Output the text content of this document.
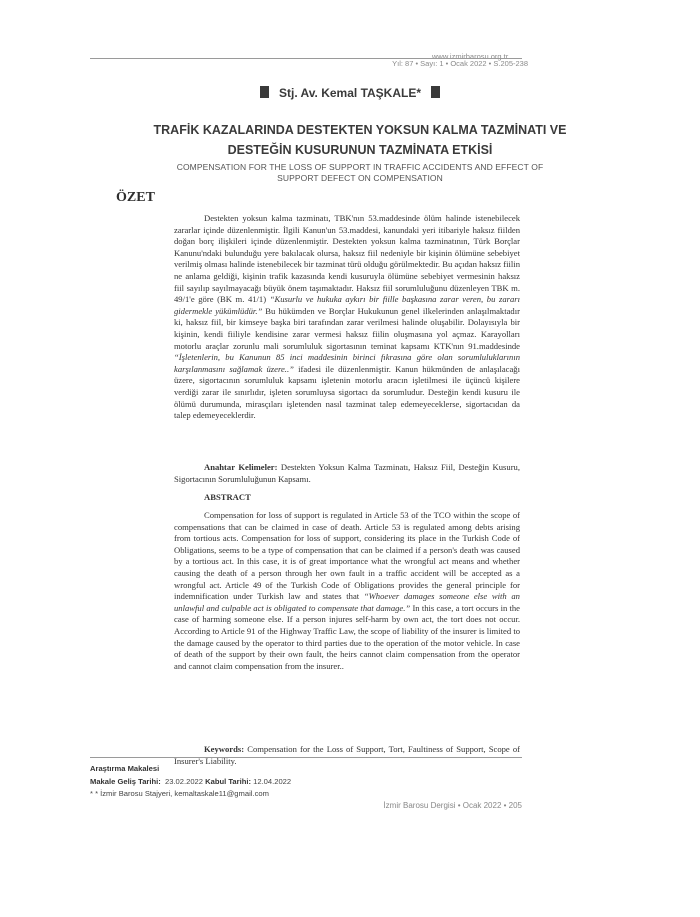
www.izmirbarosu.org.tr
Yıl: 87 • Sayı: 1 • Ocak 2022 • S.205-238
Stj. Av. Kemal TAŞKALE*
TRAFİK KAZALARINDA DESTEKTEN YOKSUN KALMA TAZMİNATI VE
DESTEĞİN KUSURUNUN TAZMİNATA ETKİSİ
COMPENSATION FOR THE LOSS OF SUPPORT IN TRAFFIC ACCIDENTS AND EFFECT OF
SUPPORT DEFECT ON COMPENSATION
ÖZET
Destekten yoksun kalma tazminatı, TBK'nın 53.maddesinde ölüm halinde istenebilecek zararlar içinde düzenlenmiştir. İlgili Kanun'un 53.maddesi, kanundaki yeri itibariyle haksız fiilden doğan borç ilişkileri içinde düzenlenmiştir. Destekten yoksun kalma tazminatının, Türk Borçlar Kanunu'ndaki bulunduğu yere bakılacak olursa, haksız fiil nedeniyle bir kişinin ölümüne sebebiyet verilmiş olması halinde istenebilecek bir tazminat türü olduğu görülmektedir. Bu açıdan haksız fiilin ne anlama geldiği, kişinin trafik kazasında kendi kusuruyla ölümüne sebebiyet vermesinin haksız fiil sayılıp sayılmayacağı büyük önem taşımaktadır. Haksız fiil sorumluluğunu düzenleyen TBK m. 49/1'e göre (BK m. 41/1) “Kusurlu ve hukuka aykırı bir fiille başkasına zarar veren, bu zararı gidermekle yükümlüdür.” Bu hükümden ve Borçlar Hukukunun genel ilkelerinden anlaşılmaktadır ki, haksız fiil, bir kimseye başka biri tarafından zarar verilmesi halinde oluşabilir. Dolayısıyla bir kişinin, kendi fiiliyle kendisine zarar vermesi haksız fiilin oluşmasına yol açmaz. Karayolları motorlu araçlar zorunlu mali sorumluluk sigortasının teminat kapsamı KTK'nın 91.maddesinde “İşletenlerin, bu Kanunun 85 inci maddesinin birinci fıkrasına göre olan sorumluluklarının karşılanmasını sağlamak üzere..” ifadesi ile düzenlenmiştir. Kanun hükmünden de anlaşılacağı üzere, sigortacının sorumluluk kapsamı işletenin motorlu aracın işletilmesi ile üçüncü kişilere verdiği zarar ile sınırlıdır, işleten sorumluysa sigortacı da sorumludur. Desteğin kendi kusuru ile ölümü durumunda, mirasçıları işletenden nasıl tazminat talep edemeyeceklerse, sigortacıdan da talep edemeyeceklerdir.
Anahtar Kelimeler: Destekten Yoksun Kalma Tazminatı, Haksız Fiil, Desteğin Kusuru, Sigortacının Sorumluluğunun Kapsamı.
ABSTRACT
Compensation for loss of support is regulated in Article 53 of the TCO within the scope of compensations that can be claimed in case of death. Article 53 is regulated among debts arising from tortious acts. Compensation for loss of support, considering its place in the Turkish Code of Obligations, seems to be a type of compensation that can be claimed if a person's death was caused by a tortious act. In this case, it is of great importance what the wrongful act means and whether causing the death of a person through her own fault in a traffic accident will be accepted as a wrongful act. Article 49 of the Turkish Code of Obligations provides the general principle for indemnification under Turkish law and states that “Whoever damages someone else with an unlawful and culpable act is obligated to compensate that damage.” In this case, a tort occurs in the case of harming someone else. If a person injures self-harm by own act, the tort does not occur. According to Article 91 of the Highway Traffic Law, the scope of liability of the insurer is limited to the damage caused by the operator to third parties due to the operation of the motor vehicle. In case of death of the support by their own fault, the heirs cannot claim compensation from the operator and cannot claim compensation from the insurer..
Keywords: Compensation for the Loss of Support, Tort, Faultiness of Support, Scope of Insurer's Liability.
Araştırma Makalesi
Makale Geliş Tarihi: 23.02.2022 Kabul Tarihi: 12.04.2022
* * İzmir Barosu Stajyeri, kemaltaskale11@gmail.com
İzmir Barosu Dergisi • Ocak 2022 • 205
